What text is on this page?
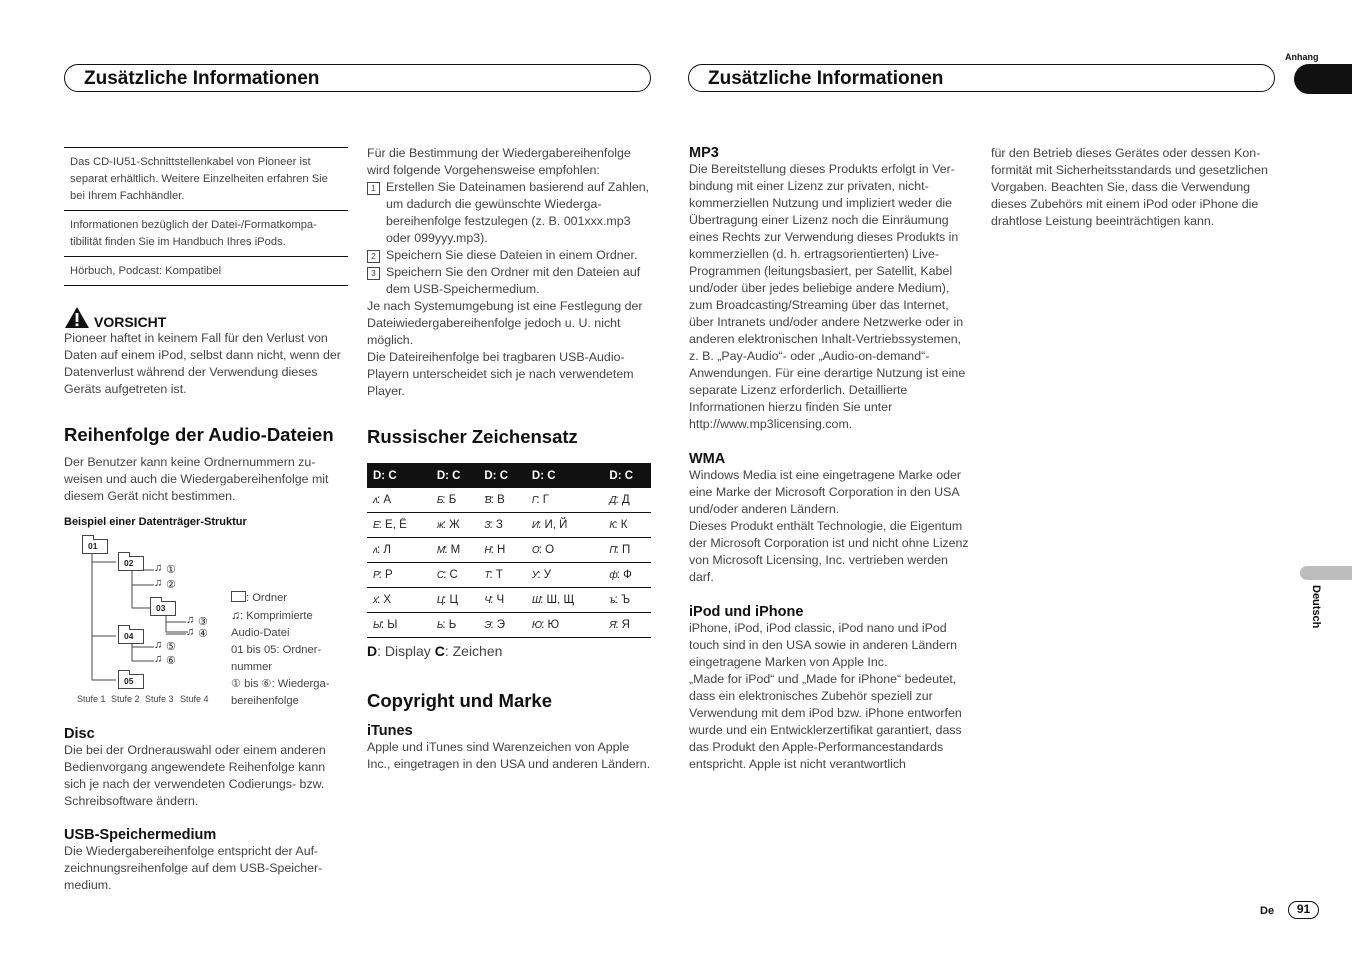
Zusätzliche Informationen	Zusätzliche Informationen
Anhang
Deutsch
Das CD-IU51-Schnittstellenkabel von Pioneer ist separat erhältlich. Weitere Einzelheiten erfahren Sie bei Ihrem Fachhändler.
Informationen bezüglich der Datei-/Formatkompatibilität finden Sie im Handbuch Ihres iPods.
Hörbuch, Podcast: Kompatibel
VORSICHT

Pioneer haftet in keinem Fall für den Verlust von Daten auf einem iPod, selbst dann nicht, wenn der Datenverlust während der Verwendung dieses Geräts aufgetreten ist.

Reihenfolge der Audio-Dateien

Der Benutzer kann keine Ordnernummern zuweisen und auch die Wiedergabereihenfolge mit diesem Gerät nicht bestimmen.

Beispiel einer Datenträger-Struktur

01
02
03
04
05
♫ ①
♫ ②
♫ ③
♫ ④
♫ ⑤
♫ ⑥
Stufe 1 Stufe 2 Stufe 3 Stufe 4
: Ordner
♫: Komprimierte Audio-Datei
01 bis 05: Ordnernummer
① bis ⑥: Wiedergabereihenfolge
Disc

Die bei der Ordnerauswahl oder einem anderen Bedienvorgang angewendete Reihenfolge kann sich je nach der verwendeten Codierungs- bzw. Schreibsoftware ändern.

USB-Speichermedium

Die Wiedergabereihenfolge entspricht der Aufzeichnungsreihenfolge auf dem USB-Speichermedium.

Für die Bestimmung der Wiedergabereihenfolge wird folgende Vorgehensweise empfohlen:

1 Erstellen Sie Dateinamen basierend auf Zahlen, um dadurch die gewünschte Wiedergabereihenfolge festzulegen (z. B. 001xxx.mp3 oder 099yyy.mp3).
2 Speichern Sie diese Dateien in einem Ordner.
3 Speichern Sie den Ordner mit den Dateien auf dem USB-Speichermedium.

Je nach Systemumgebung ist eine Festlegung der Dateiwiedergabereihenfolge jedoch u. U. nicht möglich.

Die Dateireihenfolge bei tragbaren USB-Audio-Playern unterscheidet sich je nach verwendetem Player.

Russischer Zeichensatz
D: C	D: C	D: C	D: C	D: C
ʌ: А	Б: Б	Ɓ: В	Г: Г	Д: Д
Е: Е, Ё	ж: Ж	З: З	И: И, Й	К: К
ʌ: Л	М: М	Н: Н	О: О	П: П
Р: Р	С: С	Т: Т	У: У	ф: Ф
х: Х	Ц: Ц	Ч: Ч	Ш: Ш, Щ	ъ: Ъ
Ы: Ы	Ь: Ь	Э: Э	Ю: Ю	Я: Я

D: Display C: Zeichen

Copyright und Marke
iTunes

Apple und iTunes sind Warenzeichen von Apple Inc., eingetragen in den USA und anderen Ländern.

MP3

Die Bereitstellung dieses Produkts erfolgt in Verbindung mit einer Lizenz zur privaten, nichtkommerziellen Nutzung und impliziert weder die Übertragung einer Lizenz noch die Einräumung eines Rechts zur Verwendung dieses Produkts in kommerziellen (d. h. ertragsorientierten) Live-Programmen (leitungsbasiert, per Satellit, Kabel und/oder über jedes beliebige andere Medium), zum Broadcasting/Streaming über das Internet, über Intranets und/oder andere Netzwerke oder in anderen elektronischen Inhalt-Vertriebssystemen, z. B. „Pay-Audio“- oder „Audio-on-demand“-Anwendungen. Für eine derartige Nutzung ist eine separate Lizenz erforderlich. Detaillierte Informationen hierzu finden Sie unter

http://www.mp3licensing.com.

WMA

Windows Media ist eine eingetragene Marke oder eine Marke der Microsoft Corporation in den USA und/oder anderen Ländern.

Dieses Produkt enthält Technologie, die Eigentum der Microsoft Corporation ist und nicht ohne Lizenz von Microsoft Licensing, Inc. vertrieben werden darf.

iPod und iPhone

iPhone, iPod, iPod classic, iPod nano und iPod touch sind in den USA sowie in anderen Ländern eingetragene Marken von Apple Inc.

„Made for iPod“ und „Made for iPhone“ bedeutet, dass ein elektronisches Zubehör speziell zur Verwendung mit dem iPod bzw. iPhone entworfen wurde und ein Entwicklerzertifikat garantiert, dass das Produkt den Apple-Performancestandards entspricht. Apple ist nicht verantwortlich

für den Betrieb dieses Gerätes oder dessen Konformität mit Sicherheitsstandards und gesetzlichen Vorgaben. Beachten Sie, dass die Verwendung dieses Zubehörs mit einem iPod oder iPhone die drahtlose Leistung beeinträchtigen kann.

De	91
